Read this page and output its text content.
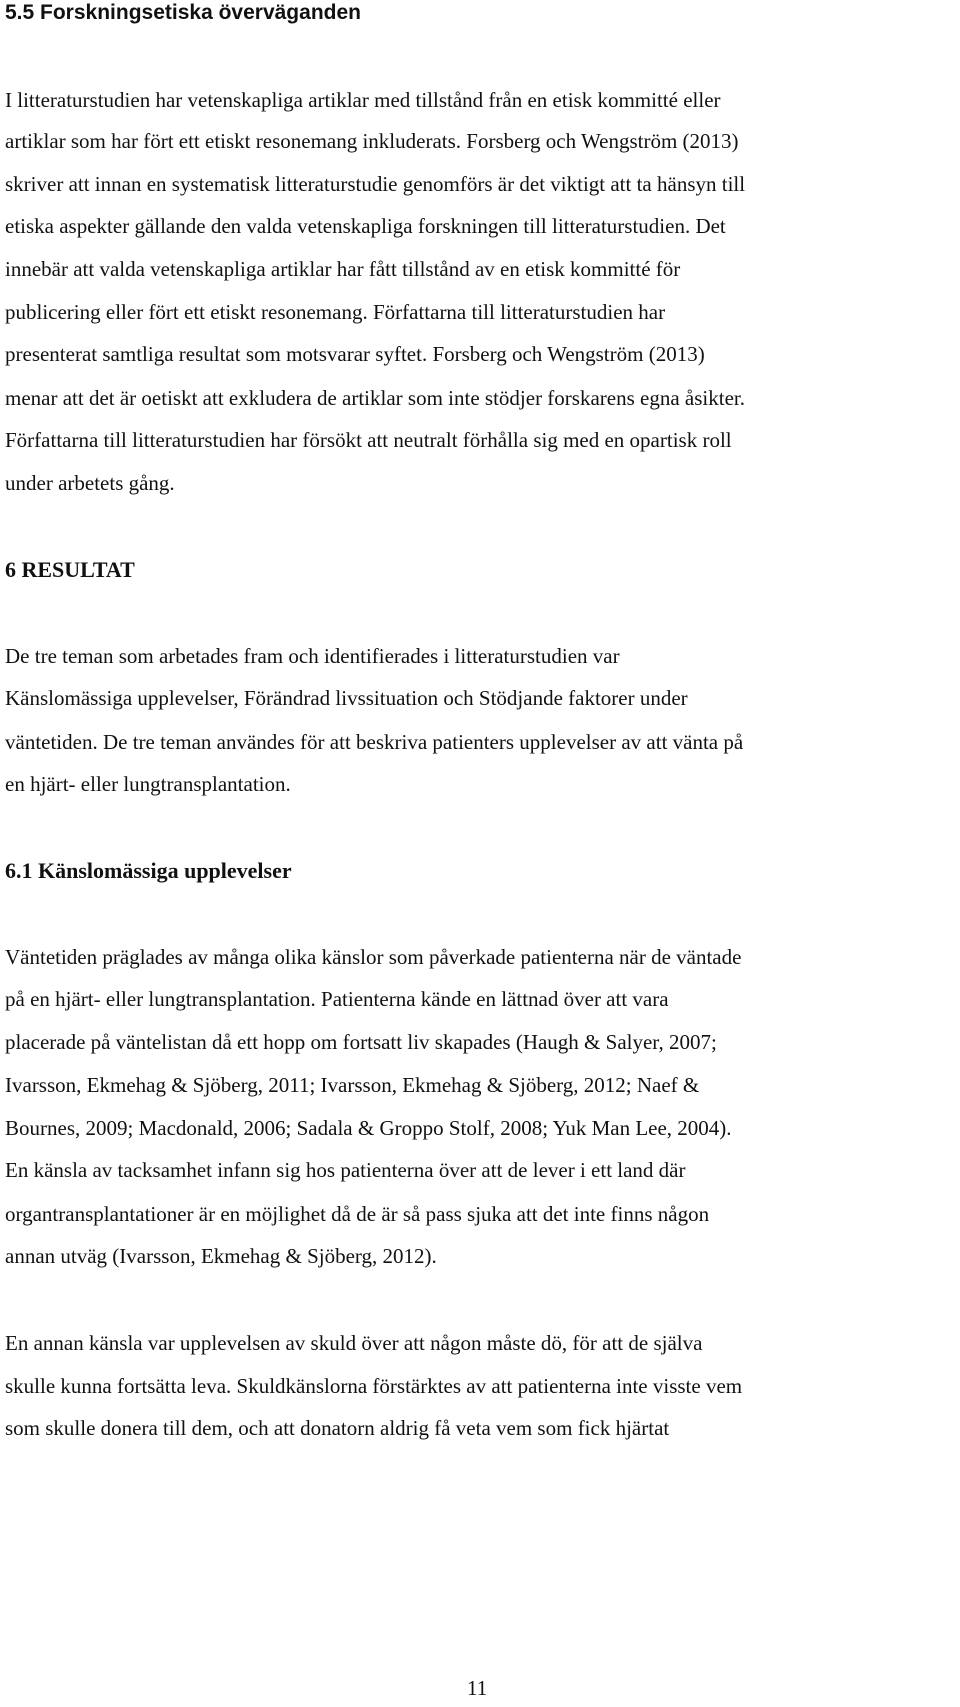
5.5 Forskningsetiska överväganden
I litteraturstudien har vetenskapliga artiklar med tillstånd från en etisk kommitté eller
artiklar som har fört ett etiskt resonemang inkluderats. Forsberg och Wengström (2013)
skriver att innan en systematisk litteraturstudie genomförs är det viktigt att ta hänsyn till
etiska aspekter gällande den valda vetenskapliga forskningen till litteraturstudien. Det
innebär att valda vetenskapliga artiklar har fått tillstånd av en etisk kommitté för
publicering eller fört ett etiskt resonemang. Författarna till litteraturstudien har
presenterat samtliga resultat som motsvarar syftet. Forsberg och Wengström (2013)
menar att det är oetiskt att exkludera de artiklar som inte stödjer forskarens egna åsikter.
Författarna till litteraturstudien har försökt att neutralt förhålla sig med en opartisk roll
under arbetets gång.
6 RESULTAT
De tre teman som arbetades fram och identifierades i litteraturstudien var
Känslomässiga upplevelser, Förändrad livssituation och Stödjande faktorer under
väntetiden. De tre teman användes för att beskriva patienters upplevelser av att vänta på
en hjärt- eller lungtransplantation.
6.1 Känslomässiga upplevelser
Väntetiden präglades av många olika känslor som påverkade patienterna när de väntade
på en hjärt- eller lungtransplantation. Patienterna kände en lättnad över att vara
placerade på väntelistan då ett hopp om fortsatt liv skapades (Haugh & Salyer, 2007;
Ivarsson, Ekmehag & Sjöberg, 2011; Ivarsson, Ekmehag & Sjöberg, 2012; Naef &
Bournes, 2009; Macdonald, 2006; Sadala & Groppo Stolf, 2008; Yuk Man Lee, 2004).
En känsla av tacksamhet infann sig hos patienterna över att de lever i ett land där
organtransplantationer är en möjlighet då de är så pass sjuka att det inte finns någon
annan utväg (Ivarsson, Ekmehag & Sjöberg, 2012).
En annan känsla var upplevelsen av skuld över att någon måste dö, för att de själva
skulle kunna fortsätta leva. Skuldkänslorna förstärktes av att patienterna inte visste vem
som skulle donera till dem, och att donatorn aldrig få veta vem som fick hjärtat
11
